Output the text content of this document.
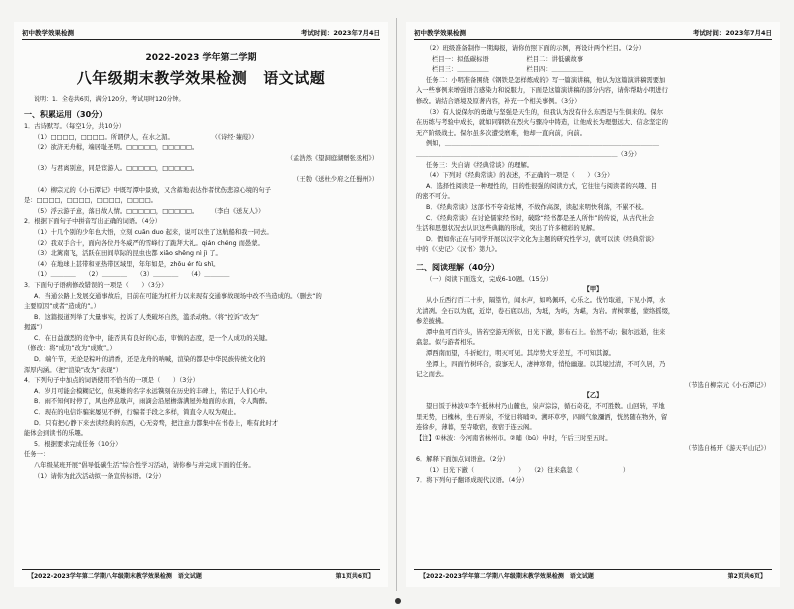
初中教学效果检测	考试时间：2023年7月4日
2022-2023 学年第二学期
八年级期末教学效果检测 语文试题
说明：1．全卷共6页，满分120分，考试用时120分钟。
一、积累运用（30分）
1．古诗默写。（每空1分，共10分）
（1）□□□□，□□□□。所谓伊人，在水之湄。　　　　　　　（《诗经·蒹葭》）
（2）欲济无舟楫，端居耻圣明。□□□□□，□□□□□。
（孟浩然《望洞庭湖赠张丞相》）
（3）与君离别意，同是宦游人。□□□□□，□□□□□。
（王勃《送杜少府之任蜀州》）
（4）柳宗元的《小石潭记》中既写潭中景致，又含蓄地表达作者忧伤悲凉心境的句子
是：□□□□，□□□□，□□□□，□□□□。
（5）浮云游子意，落日故人情。□□□□□，□□□□□。　　　（李白《送友人》）
2．根据下面句子中拼音写出正确的词语。（4分）
（1）十几个别的少年也大悟，立刻 cuān duo 起来，说可以坐了这航船和我一同去。
（2）我双手合十，面向各位丹冬威严的雪峰行了跪拜大礼。qián chéng 而愚蒙。
（3）北篱南飞，活跃在田间草际的昆虫也都 xiāo shēng nì jì 了。
（4）在地球上甚带和亚热带区域里，年年如是，zhōu ér fù shǐ。
（1）＿＿＿＿　　（2）＿＿＿＿　　（3）＿＿＿＿　　（4）＿＿＿＿
3．下面句子语病修改错误的一项是（　　）（3分）
A．当通公路上发展交通事故后，目前在可能为杠杆力以来现有交通事故现场中改不当造成的。（删去“的
主要原因”或者“造成的”。）
B．这篇报道列举了大量事实，控诉了人类破坏自然，滥杀动物。（将“控诉”改为“
揭露”）
C．在日益激烈的竞争中，能否具有良好的心态，审慎的态度，是一个人成功的关键。
（修改：将“成功”改为“成败”。）
D．端午节，无论是粽叶的清香，还是龙舟的呐喊，渲染的都是中华民族传统文化的
浑厚内涵。（把“渲染”改为“表现”）
4．下列句子中加点的词语使用不恰当的一项是（　　）（3分）
A．岁月可能会模糊记忆，但英雄的名字永远镌刻在历史的丰碑上，铭记于人们心中。
B．雨不知何时停了，风也停息歇声，雨滴会沿屋檐落满屋外地面的水面，令人陶醉。
C．现在的电信诈骗案屡见不鲜，行骗者手段之多样，简直令人叹为观止。
D．只有把心静下来去读经典的东西，心无旁骛，把注意力都集中在书卷上，唯有此时才
能体会到读书的乐趣。
5．根据要求完成任务（10分）
任务一：
八年级某班开展“倡导低碳生活”综合性学习活动，请你参与并完成下面的任务。
（1）请你为此次活动拟一条宣传标语。（2分）
【2022-2023学年第二学期八年级期末教学效果检测　语文试题	第1页共6页】
初中教学效果检测	考试时间：2023年7月4日
（2）班级准备制作一期海报，请你仿照下面的示例，再设计两个栏目。（2分）
栏目一：拟低碳标语　　　　　　栏目二：讲低碳故事
栏目三：＿＿＿＿＿　　　　　　栏目四：＿＿＿＿＿
任务二：小明准备围绕《钢铁是怎样炼成的》写一篇演讲稿，他认为这篇演讲稿需要加
入一些事例来增强语言感染力和说服力，下面是这篇演讲稿的部分内容，请你帮助小明进行
修改。请结合语境及原著内容，补充一个相关事例。（3分）
（3）有人说保尔的勇敢与坚强是天生的，但我认为没有什么东西是与生俱来的。保尔
在历练与考验中成长，就如同钢铁在烈火与骤冷中铸造，让他成长为理想远大、信念坚定的
无产阶级战士。保尔虽多次遭受磨难，他却一直向前，向前。
例如，＿＿＿＿＿＿＿＿＿＿＿＿＿＿＿＿＿＿＿＿＿＿＿＿＿＿＿＿＿＿＿＿＿＿
＿＿＿＿＿＿＿＿＿＿＿＿＿＿＿＿＿＿＿＿＿＿＿＿＿＿＿＿＿＿＿＿（3分）
任务三：失自请《经典常谈》的理解。
（4）下列对《经典常谈》的表述，不正确的一项是（　　）（3分）
A．选择性阅读是一种理性的，目的性很强的阅读方式，它往往与阅读者的兴趣、目
的密不可分。
B．《经典常谈》这部书不夸奇炫博，不故作高深，读起来明快利落，不累不枝。
C．《经典常谈》在讨论儒家经书时，破除“经书都是圣人所作”的传说，从古代社会
生活和思想状况去认识这些典籍的形成，突出了许多精彩的见解。
D．假如你正在与同学开展以汉字文化为主题的研究性学习，就可以读《经典常谈》
中的《〈史记〉〈汉书〉第九》。
二、阅读理解（40分）
（一）阅读下面选文，完成6-10题。（15分）
【甲】
从小丘西行百二十步，隔篁竹，闻水声，如鸣佩环，心乐之。伐竹取道，下见小潭，水
尤清冽。全石以为底，近岸，卷石底以出，为坻，为屿，为嵁，为岩。青树翠蔓，蒙络摇缀，
参差披拂。
潭中鱼可百许头，皆若空游无所依，日光下澈，影布石上。佁然不动；俶尔远逝，往来
翕忽。似与游者相乐。
潭西南而望，斗折蛇行，明灭可见。其岸势犬牙差互，不可知其源。
坐潭上，四面竹树环合，寂寥无人，凄神寒骨，悄怆幽邃。以其境过清，不可久居，乃
记之而去。
（节选自柳宗元《小石潭记》）
【乙】
望日饭于林波①李午抵林村乃山麓也，泉声淙淙，循石奇花，不可胜数。山回转，平地
里无势，曰槐林，坐石弄泉，不觉日将晡②。溯环草亭，四顾气象瀰洒，恍然随在物外，留
连徐步，薄暮，至寺歇宿，夜宿于连云阁。
【注】①林波：今河南省林州市。②晡（bū）申时，午后三时至五时。
（节选自杨开《游天平山记》）
6．解释下面加点词语意。（2分）
（1）日光下澈（　　　　　　　）　　（2）往来翕忽（　　　　　　　）
7．将下列句子翻译成现代汉语。（4分）
【2022-2023学年第二学期八年级期末教学效果检测　语文试题	第2页共6页】
